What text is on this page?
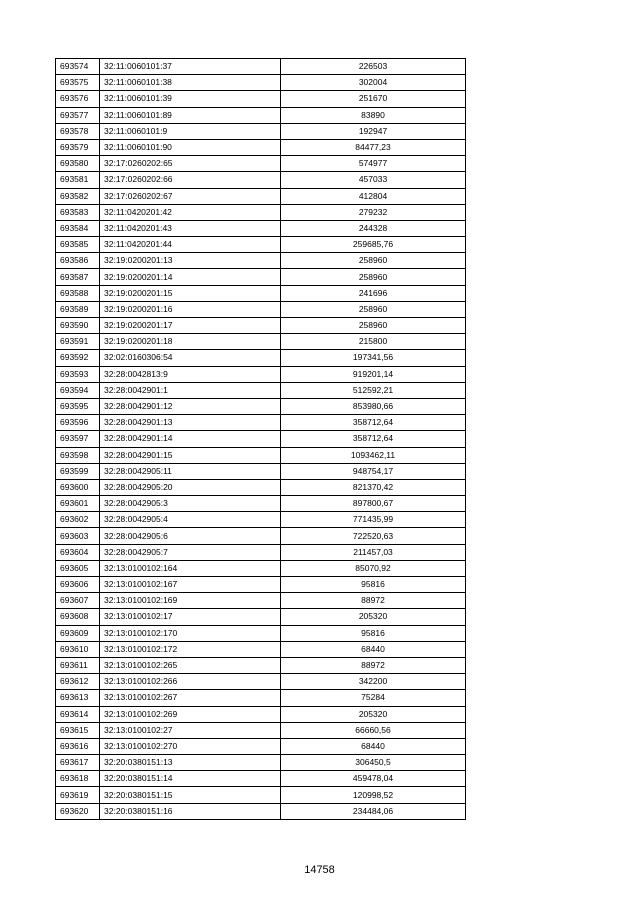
693574	32:11:0060101:37	226503
693575	32:11:0060101:38	302004
693576	32:11:0060101:39	251670
693577	32:11:0060101:89	83890
693578	32:11:0060101:9	192947
693579	32:11:0060101:90	84477,23
693580	32:17:0260202:65	574977
693581	32:17:0260202:66	457033
693582	32:17:0260202:67	412804
693583	32:11:0420201:42	279232
693584	32:11:0420201:43	244328
693585	32:11:0420201:44	259685,76
693586	32:19:0200201:13	258960
693587	32:19:0200201:14	258960
693588	32:19:0200201:15	241696
693589	32:19:0200201:16	258960
693590	32:19:0200201:17	258960
693591	32:19:0200201:18	215800
693592	32:02:0160306:54	197341,56
693593	32:28:0042813:9	919201,14
693594	32:28:0042901:1	512592,21
693595	32:28:0042901:12	853980,66
693596	32:28:0042901:13	358712,64
693597	32:28:0042901:14	358712,64
693598	32:28:0042901:15	1093462,11
693599	32:28:0042905:11	948754,17
693600	32:28:0042905:20	821370,42
693601	32:28:0042905:3	897800,67
693602	32:28:0042905:4	771435,99
693603	32:28:0042905:6	722520,63
693604	32:28:0042905:7	211457,03
693605	32:13:0100102:164	85070,92
693606	32:13:0100102:167	95816
693607	32:13:0100102:169	88972
693608	32:13:0100102:17	205320
693609	32:13:0100102:170	95816
693610	32:13:0100102:172	68440
693611	32:13:0100102:265	88972
693612	32:13:0100102:266	342200
693613	32:13:0100102:267	75284
693614	32:13:0100102:269	205320
693615	32:13:0100102:27	66660,56
693616	32:13:0100102:270	68440
693617	32:20:0380151:13	306450,5
693618	32:20:0380151:14	459478,04
693619	32:20:0380151:15	120998,52
693620	32:20:0380151:16	234484,06
14758
